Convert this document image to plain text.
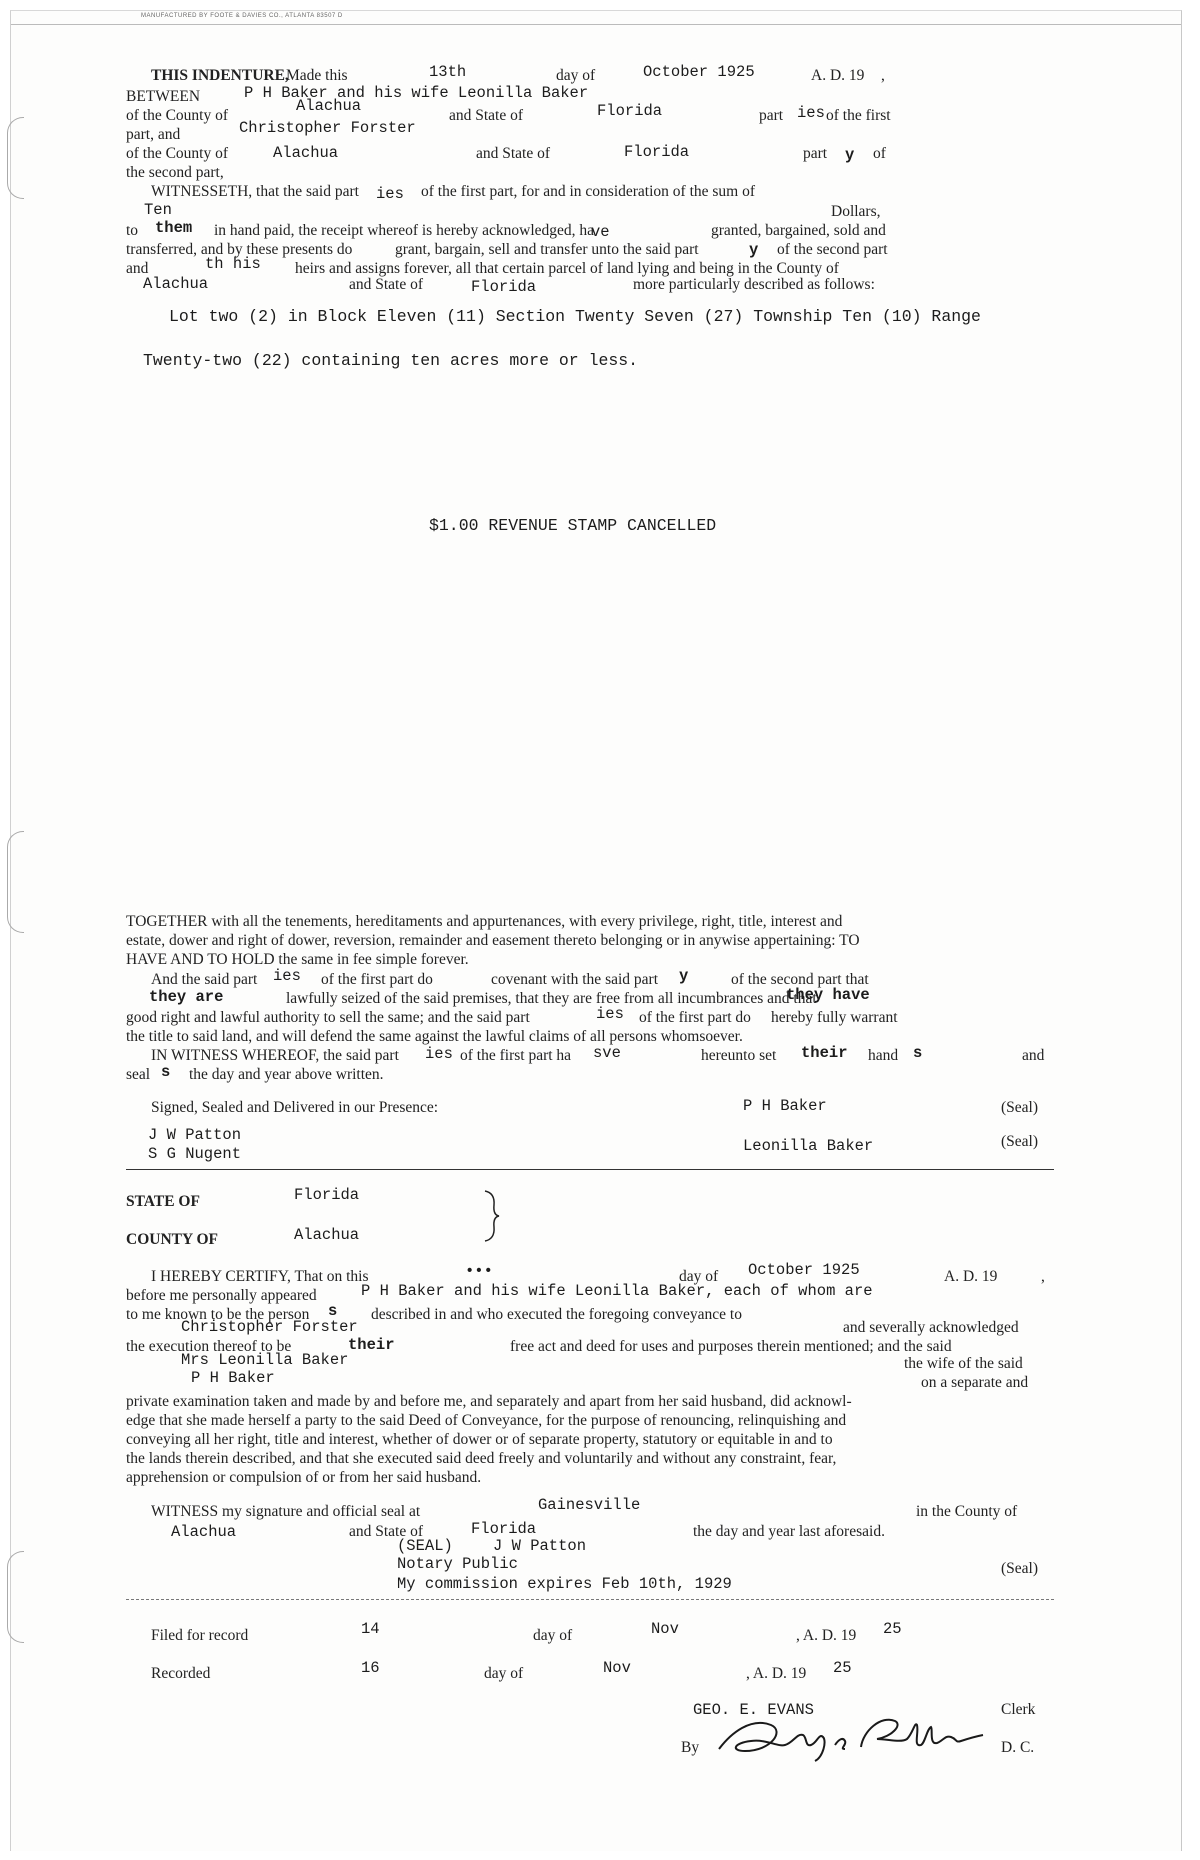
MANUFACTURED BY FOOTE & DAVIES CO., ATLANTA 83507 D
THIS INDENTURE,
Made this	13th	day of	October 1925	A. D. 19 ,
BETWEEN	P H Baker and his wife Leonilla Baker
of the County of
Alachua
and State of	Florida	part ies of the first
part, and	Christopher Forster
of the County of	Alachua	and State of	Florida	part y of
the second part,
WITNESSETH, that the said part ies of the first part, for and in consideration of the sum of
Ten	Dollars,
to them in hand paid, the receipt whereof is hereby acknowledged, ha
ve	granted, bargained, sold and
transferred, and by these presents do	grant, bargain, sell and transfer unto the said part	y of the second part
and	th his heirs and assigns forever, all that certain parcel of land lying and being in the County of
Alachua	and State of	Florida	more particularly described as follows:
Lot two (2) in Block Eleven (11) Section Twenty Seven (27) Township Ten (10) Range
Twenty-two (22) containing ten acres more or less.
$1.00 REVENUE STAMP CANCELLED
TOGETHER with all the tenements, hereditaments and appurtenances, with every privilege, right, title, interest and
estate, dower and right of dower, reversion, remainder and easement thereto belonging or in anywise appertaining: TO
HAVE AND TO HOLD the same in fee simple forever.
And the said part ies of the first part do	covenant with the said part y	of the second part that
they are	lawfully seized of the said premises, that they are free from all incumbrances and that
they have
good right and lawful authority to sell the same; and the said part	ies of the first part do hereby fully warrant
the title to said land, and will defend the same against the lawful claims of all persons whomsoever.
IN WITNESS WHEREOF, the said part ies of the first part ha sve	hereunto set their hand s	and
seal s the day and year above written.
Signed, Sealed and Delivered in our Presence:	P H Baker	(Seal)
J W Patton
S G Nugent	Leonilla Baker	(Seal)
STATE OF	Florida
COUNTY OF	Alachua
I HEREBY CERTIFY, That on this	•••	day of October 1925	A. D. 19	,
before me personally appeared	P H Baker and his wife Leonilla Baker, each of whom are
to me known to be the person s described in and who executed the foregoing conveyance to
Christopher Forster	and severally acknowledged
the execution thereof to be	their	free act and deed for uses and purposes therein mentioned; and the said
Mrs Leonilla Baker	the wife of the said
P H Baker	on a separate and
private examination taken and made by and before me, and separately and apart from her said husband, did acknowl-
edge that she made herself a party to the said Deed of Conveyance, for the purpose of renouncing, relinquishing and
conveying all her right, title and interest, whether of dower or of separate property, statutory or equitable in and to
the lands therein described, and that she executed said deed freely and voluntarily and without any constraint, fear,
apprehension or compulsion of or from her said husband.
WITNESS my signature and official seal at	Gainesville	in the County of
Alachua	and State of	Florida	the day and year last aforesaid.
(SEAL)	J W Patton
Notary Public
My commission expires Feb 10th, 1929
(Seal)
Filed for record	14	day of	Nov	, A. D. 19 25
Recorded	16	day of	Nov	, A. D. 19 25
GEO. E. EVANS	Clerk
By	D. C.
